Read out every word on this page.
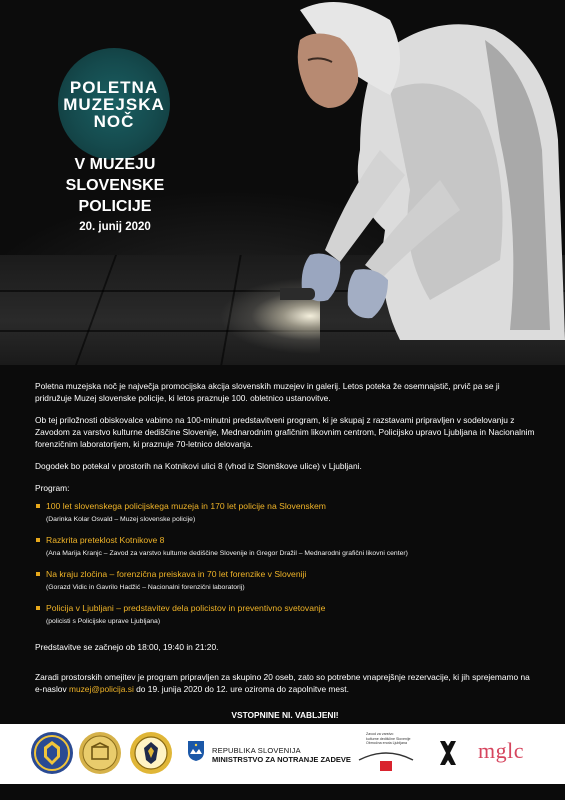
POLETNA
MUZEJSKA
NOČ
V MUZEJU
SLOVENSKE POLICIJE
20. junij 2020
Poletna muzejska noč je največja promocijska akcija slovenskih muzejev in galerij. Letos poteka že osemnajstič, prvič pa se ji pridružuje Muzej slovenske policije, ki letos praznuje 100. obletnico ustanovitve.
Ob tej priložnosti obiskovalce vabimo na 100-minutni predstavitveni program, ki je skupaj z razstavami pripravljen v sodelovanju z Zavodom za varstvo kulturne dediščine Slovenije, Mednarodnim grafičnim likovnim centrom, Policijsko upravo Ljubljana in Nacionalnim forenzičnim laboratorijem, ki praznuje 70-letnico delovanja.
Dogodek bo potekal v prostorih na Kotnikovi ulici 8 (vhod iz Slomškove ulice) v Ljubljani.
Program:
100 let slovenskega policijskega muzeja in 170 let policije na Slovenskem
(Darinka Kolar Osvald – Muzej slovenske policije)
Razkrita preteklost Kotnikove 8
(Ana Marija Kranjc – Zavod za varstvo kulturne dediščine Slovenije in Gregor Dražil – Mednarodni grafični likovni center)
Na kraju zločina – forenzična preiskava in 70 let forenzike v Sloveniji
(Gorazd Vidic in Gavrilo Hadžić – Nacionalni forenzični laboratorij)
Policija v Ljubljani – predstavitev dela policistov in preventivno svetovanje
(policisti s Policijske uprave Ljubljana)
Predstavitve se začnejo ob 18:00, 19:40 in 21:20.
Zaradi prostorskih omejitev je program pripravljen za skupino 20 oseb, zato so potrebne vnaprejšnje rezervacije, ki jih sprejemamo na e-naslov muzej@policija.si do 19. junija 2020 do 12. ure oziroma do zapolnitve mest.
VSTOPNINE NI. VABLJENI!
REPUBLIKA SLOVENIJA
MINISTRSTVO ZA NOTRANJE ZADEVE
Zavod za varstvo
kulturne dediščine Slovenije
Območna enota Ljubljana	mglc
